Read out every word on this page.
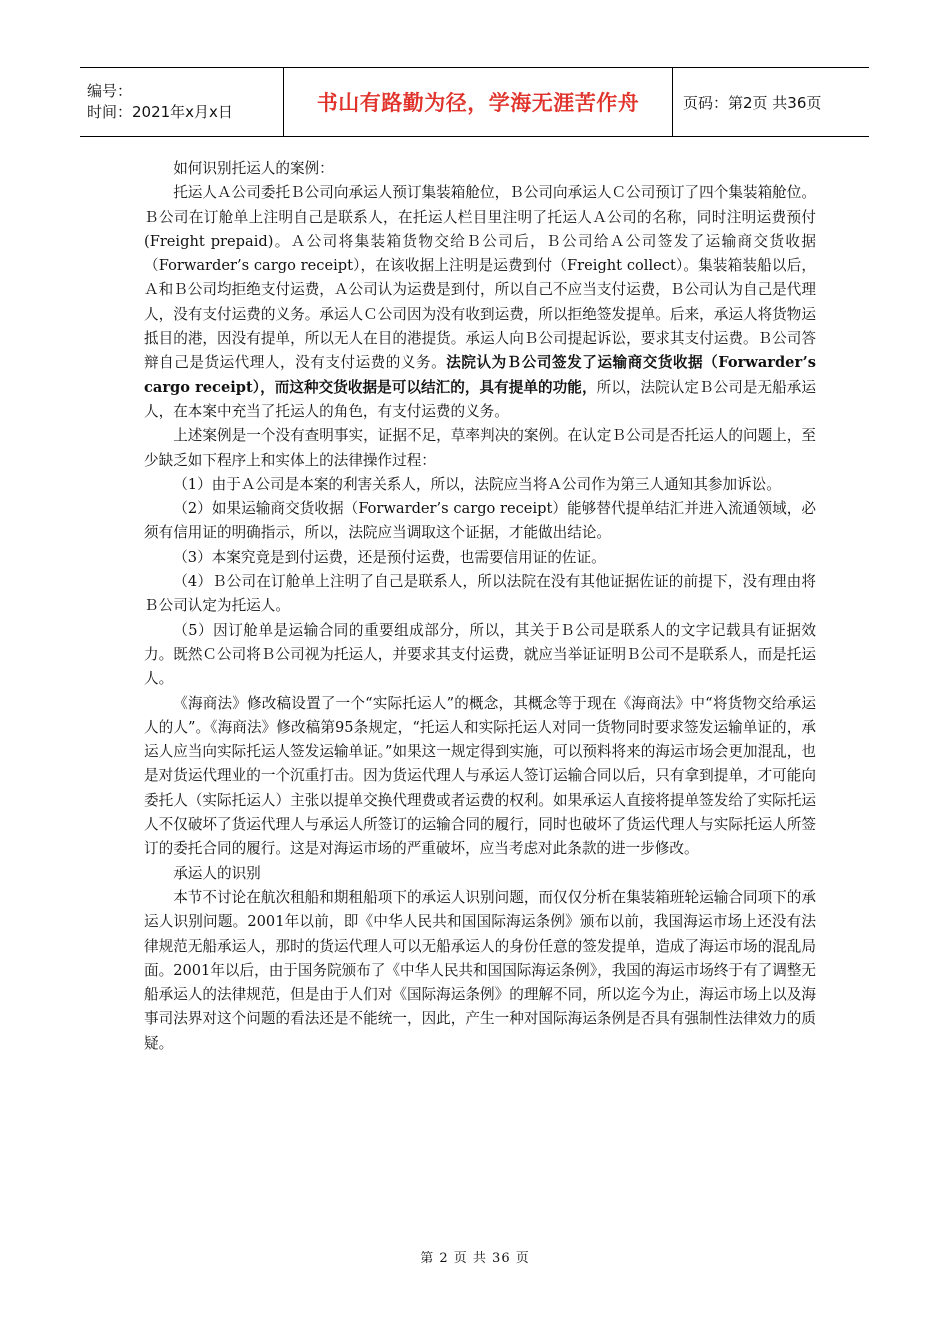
编号：
时间：2021年x月x日	书山有路勤为径，学海无涯苦作舟	页码：第2页 共36页

如何识别托运人的案例：

托运人Ａ公司委托Ｂ公司向承运人预订集装箱舱位，Ｂ公司向承运人Ｃ公司预订了四个集装箱舱位。Ｂ公司在订舱单上注明自己是联系人，在托运人栏目里注明了托运人Ａ公司的名称，同时注明运费预付(Freight prepaid)。Ａ公司将集装箱货物交给Ｂ公司后，Ｂ公司给Ａ公司签发了运输商交货收据（Forwarder’s cargo receipt），在该收据上注明是运费到付（Freight collect）。集装箱装船以后，Ａ和Ｂ公司均拒绝支付运费，Ａ公司认为运费是到付，所以自己不应当支付运费，Ｂ公司认为自己是代理人，没有支付运费的义务。承运人Ｃ公司因为没有收到运费，所以拒绝签发提单。后来，承运人将货物运抵目的港，因没有提单，所以无人在目的港提货。承运人向Ｂ公司提起诉讼，要求其支付运费。Ｂ公司答辩自己是货运代理人，没有支付运费的义务。法院认为Ｂ公司签发了运输商交货收据（Forwarder’s cargo receipt），而这种交货收据是可以结汇的，具有提单的功能，所以，法院认定Ｂ公司是无船承运人，在本案中充当了托运人的角色，有支付运费的义务。

上述案例是一个没有查明事实，证据不足，草率判决的案例。在认定Ｂ公司是否托运人的问题上，至少缺乏如下程序上和实体上的法律操作过程：

（1）由于Ａ公司是本案的利害关系人，所以，法院应当将Ａ公司作为第三人通知其参加诉讼。

（2）如果运输商交货收据（Forwarder’s cargo receipt）能够替代提单结汇并进入流通领域，必须有信用证的明确指示，所以，法院应当调取这个证据，才能做出结论。

（3）本案究竟是到付运费，还是预付运费，也需要信用证的佐证。

（4）Ｂ公司在订舱单上注明了自己是联系人，所以法院在没有其他证据佐证的前提下，没有理由将Ｂ公司认定为托运人。

（5）因订舱单是运输合同的重要组成部分，所以，其关于Ｂ公司是联系人的文字记载具有证据效力。既然Ｃ公司将Ｂ公司视为托运人，并要求其支付运费，就应当举证证明Ｂ公司不是联系人，而是托运人。

《海商法》修改稿设置了一个“实际托运人”的概念，其概念等于现在《海商法》中“将货物交给承运人的人”。《海商法》修改稿第95条规定，“托运人和实际托运人对同一货物同时要求签发运输单证的，承运人应当向实际托运人签发运输单证。”如果这一规定得到实施，可以预料将来的海运市场会更加混乱，也是对货运代理业的一个沉重打击。因为货运代理人与承运人签订运输合同以后，只有拿到提单，才可能向委托人（实际托运人）主张以提单交换代理费或者运费的权利。如果承运人直接将提单签发给了实际托运人不仅破坏了货运代理人与承运人所签订的运输合同的履行，同时也破坏了货运代理人与实际托运人所签订的委托合同的履行。这是对海运市场的严重破坏，应当考虑对此条款的进一步修改。

承运人的识别

本节不讨论在航次租船和期租船项下的承运人识别问题，而仅仅分析在集装箱班轮运输合同项下的承运人识别问题。2001年以前，即《中华人民共和国国际海运条例》颁布以前，我国海运市场上还没有法律规范无船承运人，那时的货运代理人可以无船承运人的身份任意的签发提单，造成了海运市场的混乱局面。2001年以后，由于国务院颁布了《中华人民共和国国际海运条例》，我国的海运市场终于有了调整无船承运人的法律规范，但是由于人们对《国际海运条例》的理解不同，所以迄今为止，海运市场上以及海事司法界对这个问题的看法还是不能统一，因此，产生一种对国际海运条例是否具有强制性法律效力的质疑。

第 2 页 共 36 页
